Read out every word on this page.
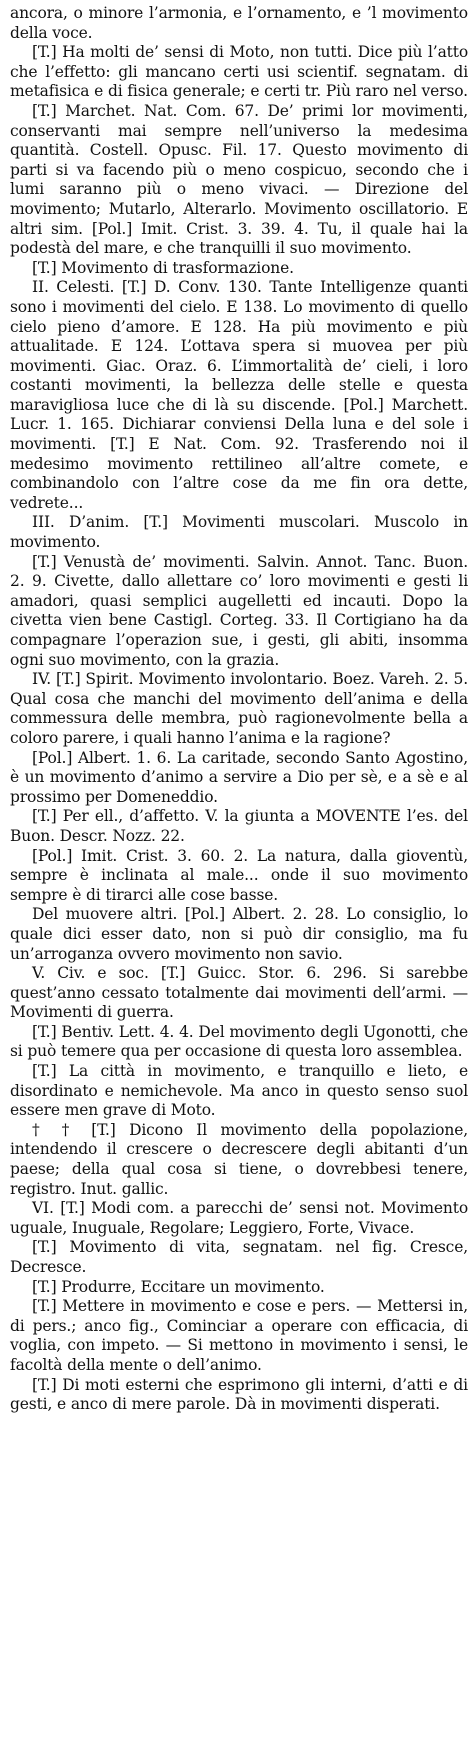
ancora, o minore l’armonia, e l’ornamento, e ’l movimento della voce.

[T.] Ha molti de’ sensi di Moto, non tutti. Dice più l’atto che l’effetto: gli mancano certi usi scientif. segnatam. di metafisica e di fisica generale; e certi tr. Più raro nel verso.

[T.] Marchet. Nat. Com. 67. De’ primi lor movimenti, conservanti mai sempre nell’universo la medesima quantità. Costell. Opusc. Fil. 17. Questo movimento di parti si va facendo più o meno cospicuo, secondo che i lumi saranno più o meno vivaci. — Direzione del movimento; Mutarlo, Alterarlo. Movimento oscillatorio. E altri sim. [Pol.] Imit. Crist. 3. 39. 4. Tu, il quale hai la podestà del mare, e che tranquilli il suo movimento.

[T.] Movimento di trasformazione.

II. Celesti. [T.] D. Conv. 130. Tante Intelligenze quanti sono i movimenti del cielo. E 138. Lo movimento di quello cielo pieno d’amore. E 128. Ha più movimento e più attualitade. E 124. L’ottava spera si muovea per più movimenti. Giac. Oraz. 6. L’immortalità de’ cieli, i loro costanti movimenti, la bellezza delle stelle e questa maravigliosa luce che di là su discende. [Pol.] Marchett. Lucr. 1. 165. Dichiarar conviensi Della luna e del sole i movimenti. [T.] E Nat. Com. 92. Trasferendo noi il medesimo movimento rettilineo all’altre comete, e combinandolo con l’altre cose da me fin ora dette, vedrete...

III. D’anim. [T.] Movimenti muscolari. Muscolo in movimento.

[T.] Venustà de’ movimenti. Salvin. Annot. Tanc. Buon. 2. 9. Civette, dallo allettare co’ loro movimenti e gesti li amadori, quasi semplici augelletti ed incauti. Dopo la civetta vien bene Castigl. Corteg. 33. Il Cortigiano ha da compagnare l’operazion sue, i gesti, gli abiti, insomma ogni suo movimento, con la grazia.

IV. [T.] Spirit. Movimento involontario. Boez. Vareh. 2. 5. Qual cosa che manchi del movimento dell’anima e della commessura delle membra, può ragionevolmente bella a coloro parere, i quali hanno l’anima e la ragione?

[Pol.] Albert. 1. 6. La caritade, secondo Santo Agostino, è un movimento d’animo a servire a Dio per sè, e a sè e al prossimo per Domeneddio.

[T.] Per ell., d’affetto. V. la giunta a MOVENTE l’es. del Buon. Descr. Nozz. 22.

[Pol.] Imit. Crist. 3. 60. 2. La natura, dalla gioventù, sempre è inclinata al male... onde il suo movimento sempre è di tirarci alle cose basse.

Del muovere altri. [Pol.] Albert. 2. 28. Lo consiglio, lo quale dici esser dato, non si può dir consiglio, ma fu un’arroganza ovvero movimento non savio.

V. Civ. e soc. [T.] Guicc. Stor. 6. 296. Si sarebbe quest’anno cessato totalmente dai movimenti dell’armi. — Movimenti di guerra.

[T.] Bentiv. Lett. 4. 4. Del movimento degli Ugonotti, che si può temere qua per occasione di questa loro assemblea.

[T.] La città in movimento, e tranquillo e lieto, e disordinato e nemichevole. Ma anco in questo senso suol essere men grave di Moto.

† † [T.] Dicono Il movimento della popolazione, intendendo il crescere o decrescere degli abitanti d’un paese; della qual cosa si tiene, o dovrebbesi tenere, registro. Inut. gallic.

VI. [T.] Modi com. a parecchi de’ sensi not. Movimento uguale, Inuguale, Regolare; Leggiero, Forte, Vivace.

[T.] Movimento di vita, segnatam. nel fig. Cresce, Decresce.

[T.] Produrre, Eccitare un movimento.

[T.] Mettere in movimento e cose e pers. — Mettersi in, di pers.; anco fig., Cominciar a operare con efficacia, di voglia, con impeto. — Si mettono in movimento i sensi, le facoltà della mente o dell’animo.

[T.] Di moti esterni che esprimono gli interni, d’atti e di gesti, e anco di mere parole. Dà in movimenti disperati.
